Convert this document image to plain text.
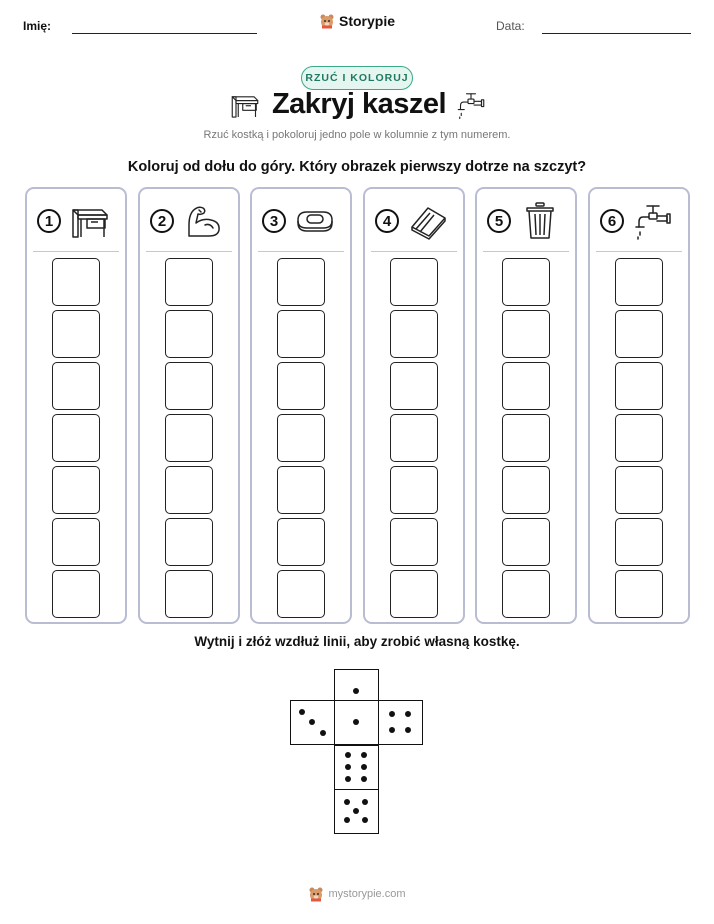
Imię:	Data:
Storypie
RZUĆ I KOLORUJ
Zakryj kaszel
Rzuć kostką i pokoloruj jedno pole w kolumnie z tym numerem.
Koloruj od dołu do góry. Który obrazek pierwszy dotrze na szczyt?
1	2	3	4	5	6
Wytnij i złóż wzdłuż linii, aby zrobić własną kostkę.
mystorypie.com
